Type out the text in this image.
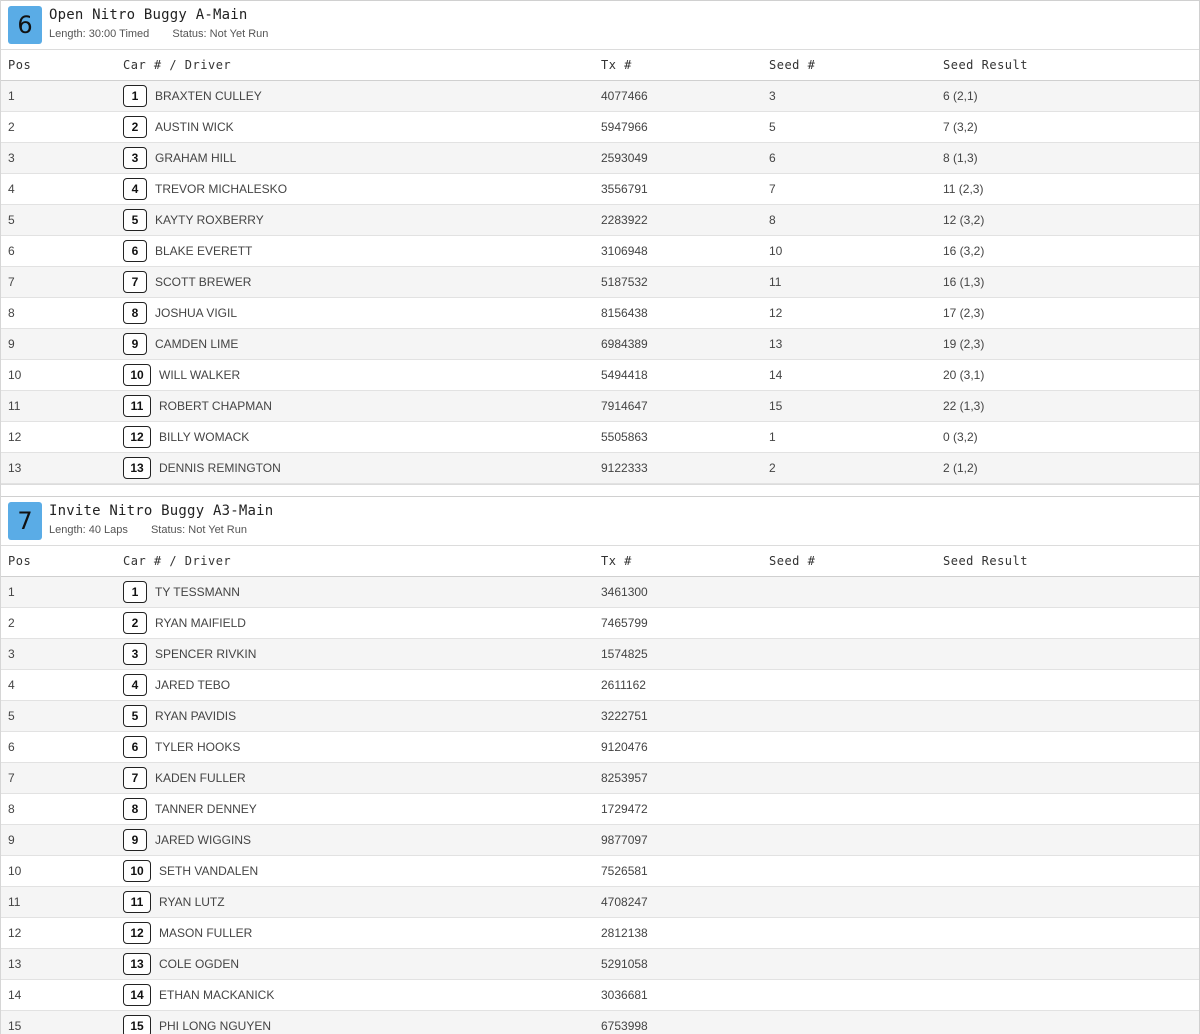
6	Open Nitro Buggy A-Main
Length: 30:00 Timed Status: Not Yet Run
Pos	Car # / Driver	Tx #	Seed #	Seed Result
1	1 BRAXTEN CULLEY	4077466	3	6 (2,1)
2	2 AUSTIN WICK	5947966	5	7 (3,2)
3	3 GRAHAM HILL	2593049	6	8 (1,3)
4	4 TREVOR MICHALESKO	3556791	7	11 (2,3)
5	5 KAYTY ROXBERRY	2283922	8	12 (3,2)
6	6 BLAKE EVERETT	3106948	10	16 (3,2)
7	7 SCOTT BREWER	5187532	11	16 (1,3)
8	8 JOSHUA VIGIL	8156438	12	17 (2,3)
9	9 CAMDEN LIME	6984389	13	19 (2,3)
10	10 WILL WALKER	5494418	14	20 (3,1)
11	11 ROBERT CHAPMAN	7914647	15	22 (1,3)
12	12 BILLY WOMACK	5505863	1	0 (3,2)
13	13 DENNIS REMINGTON	9122333	2	2 (1,2)
7	Invite Nitro Buggy A3-Main
Length: 40 Laps Status: Not Yet Run
Pos	Car # / Driver	Tx #	Seed #	Seed Result
1	1 TY TESSMANN	3461300		
2	2 RYAN MAIFIELD	7465799		
3	3 SPENCER RIVKIN	1574825		
4	4 JARED TEBO	2611162		
5	5 RYAN PAVIDIS	3222751		
6	6 TYLER HOOKS	9120476		
7	7 KADEN FULLER	8253957		
8	8 TANNER DENNEY	1729472		
9	9 JARED WIGGINS	9877097		
10	10 SETH VANDALEN	7526581		
11	11 RYAN LUTZ	4708247		
12	12 MASON FULLER	2812138		
13	13 COLE OGDEN	5291058		
14	14 ETHAN MACKANICK	3036681		
15	15 PHI LONG NGUYEN	6753998		
